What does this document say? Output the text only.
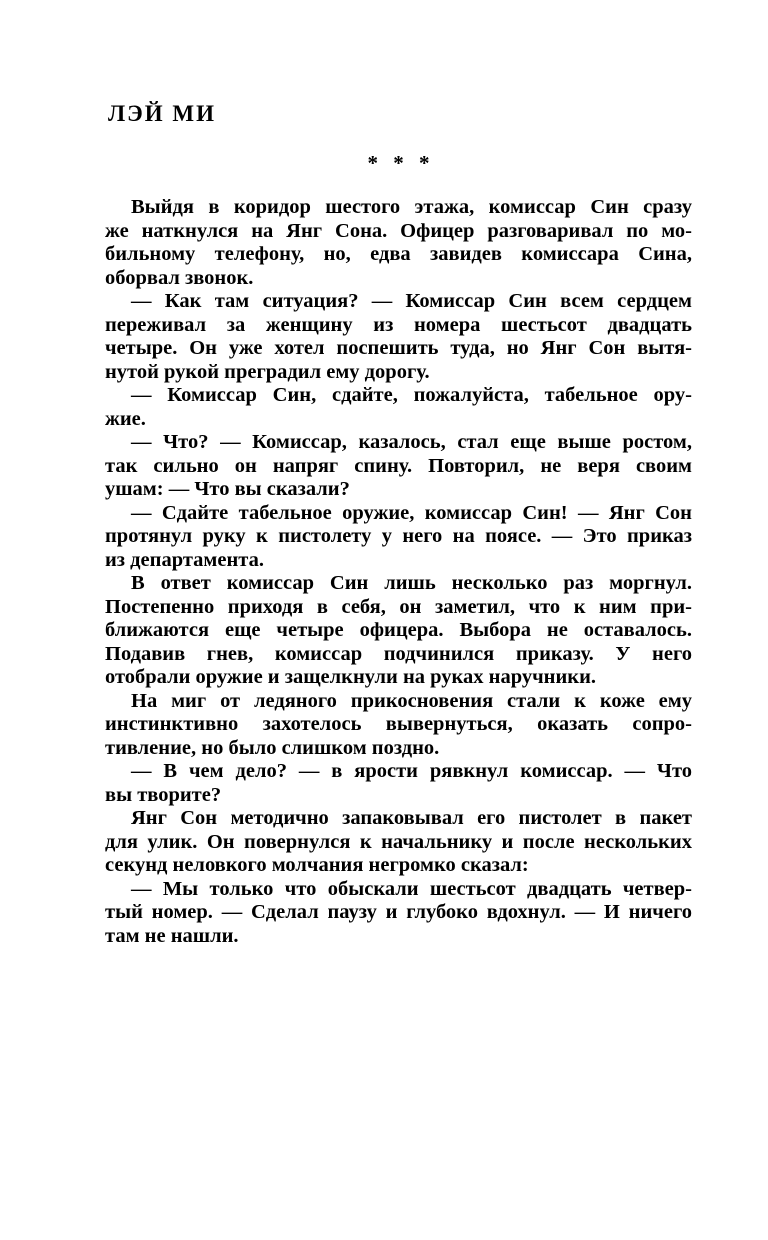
ЛЭЙ МИ
* * *
Выйдя в коридор шестого этажа, комиссар Син сразу
же наткнулся на Янг Сона. Офицер разговаривал по мо-
бильному телефону, но, едва завидев комиссара Сина,
оборвал звонок.
— Как там ситуация? — Комиссар Син всем сердцем
переживал за женщину из номера шестьсот двадцать
четыре. Он уже хотел поспешить туда, но Янг Сон вытя-
нутой рукой преградил ему дорогу.
— Комиссар Син, сдайте, пожалуйста, табельное ору-
жие.
— Что? — Комиссар, казалось, стал еще выше ростом,
так сильно он напряг спину. Повторил, не веря своим
ушам: — Что вы сказали?
— Сдайте табельное оружие, комиссар Син! — Янг Сон
протянул руку к пистолету у него на поясе. — Это приказ
из департамента.
В ответ комиссар Син лишь несколько раз моргнул.
Постепенно приходя в себя, он заметил, что к ним при-
ближаются еще четыре офицера. Выбора не оставалось.
Подавив гнев, комиссар подчинился приказу. У него
отобрали оружие и защелкнули на руках наручники.
На миг от ледяного прикосновения стали к коже ему
инстинктивно захотелось вывернуться, оказать сопро-
тивление, но было слишком поздно.
— В чем дело? — в ярости рявкнул комиссар. — Что
вы творите?
Янг Сон методично запаковывал его пистолет в пакет
для улик. Он повернулся к начальнику и после нескольких
секунд неловкого молчания негромко сказал:
— Мы только что обыскали шестьсот двадцать четвер-
тый номер. — Сделал паузу и глубоко вдохнул. — И ничего
там не нашли.
